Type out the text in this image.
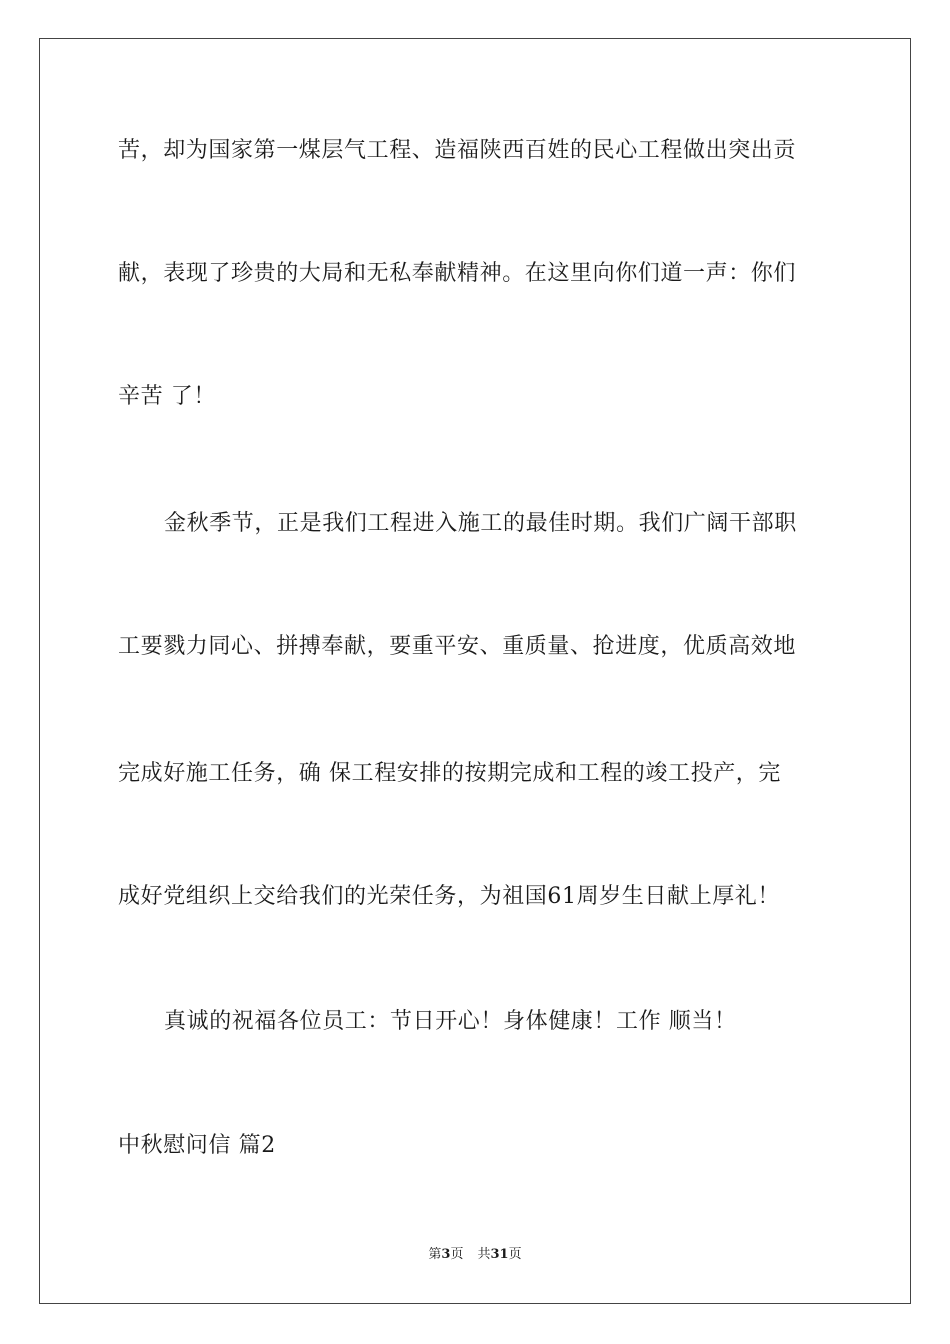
苦，却为国家第一煤层气工程、造福陕西百姓的民心工程做出突出贡
献，表现了珍贵的大局和无私奉献精神。在这里向你们道一声：你们
辛苦 了！
金秋季节，正是我们工程进入施工的最佳时期。我们广阔干部职
工要戮力同心、拼搏奉献，要重平安、重质量、抢进度，优质高效地
完成好施工任务，确 保工程安排的按期完成和工程的竣工投产，完
成好党组织上交给我们的光荣任务，为祖国61周岁生日献上厚礼！
真诚的祝福各位员工：节日开心！身体健康！工作 顺当！
中秋慰问信 篇2
第3页 共31页
